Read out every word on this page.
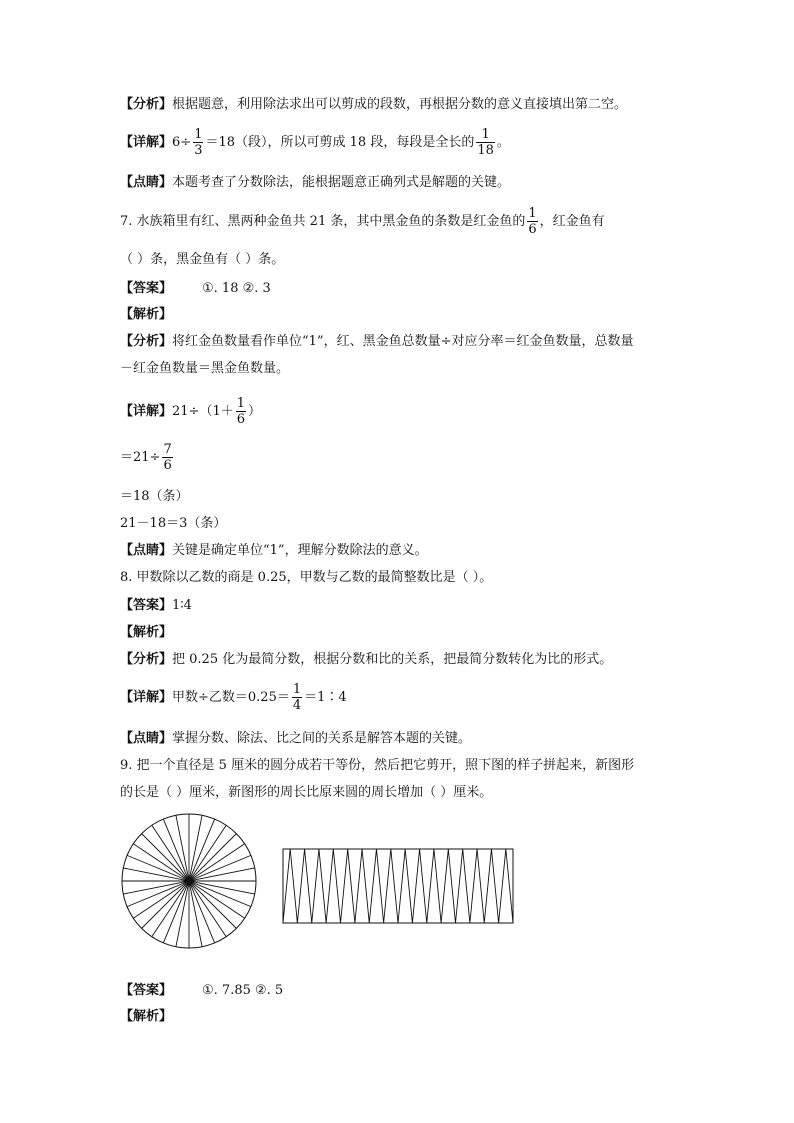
【分析】根据题意，利用除法求出可以剪成的段数，再根据分数的意义直接填出第二空。
【详解】$6\div \frac{1}{3} =18$（段），所以可剪成 18 段，每段是全长的 $\frac{1}{18}$ 。
【点睛】本题考查了分数除法，能根据题意正确列式是解题的关键。
7. 水族箱里有红、黑两种金鱼共 21 条，其中黑金鱼的条数是红金鱼的 $\frac{1}{6}$ ，红金鱼有
（ ）条，黑金鱼有（ ）条。
【答案】 ①. 18 ②. 3
【解析】
【分析】将红金鱼数量看作单位“1”，红、黑金鱼总数量÷对应分率＝红金鱼数量，总数量
－红金鱼数量＝黑金鱼数量。
【详解】$21\div(1+ \frac{1}{6}$ ）
$=21\div \frac{7}{6}$
＝18（条）
21－18＝3（条）
【点睛】关键是确定单位“1”，理解分数除法的意义。
8. 甲数除以乙数的商是 0.25，甲数与乙数的最简整数比是（ ）。
【答案】1∶4
【解析】
【分析】把 0.25 化为最简分数，根据分数和比的关系，把最简分数转化为比的形式。
【详解】甲数÷乙数$=0.25= \frac{1}{4}$ ＝1∶4
【点睛】掌握分数、除法、比之间的关系是解答本题的关键。
9. 把一个直径是 5 厘米的圆分成若干等份，然后把它剪开，照下图的样子拼起来，新图形
的长是（ ）厘米，新图形的周长比原来圆的周长增加（ ）厘米。
【答案】 ①. 7.85 ②. 5
【解析】
